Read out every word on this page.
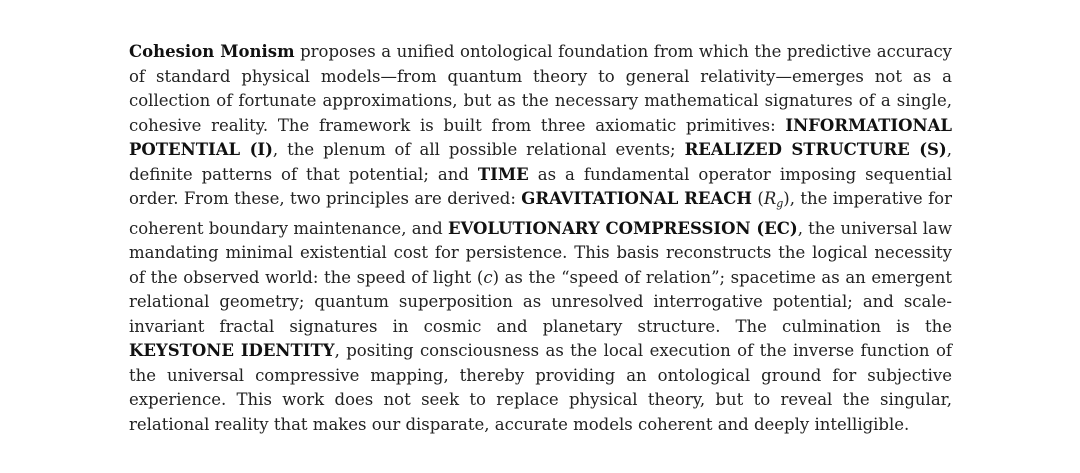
Cohesion Monism proposes a unified ontological foundation from which the predictive accuracy of standard physical models—from quantum theory to general relativity—emerges not as a collection of fortunate approximations, but as the necessary mathematical signatures of a single, cohesive reality. The framework is built from three axiomatic primitives: INFORMATIONAL POTENTIAL (I), the plenum of all possible relational events; REALIZED STRUCTURE (S), definite patterns of that potential; and TIME as a fundamental operator imposing sequential order. From these, two principles are derived: GRAVITATIONAL REACH $(R_g)$, the imperative for coherent boundary maintenance, and EVOLUTIONARY COMPRESSION (EC), the universal law mandating minimal existential cost for persistence. This basis reconstructs the logical necessity of the observed world: the speed of light (c) as the “speed of relation”; spacetime as an emergent relational geometry; quantum superposition as unresolved interrogative potential; and scale-invariant fractal signatures in cosmic and planetary structure. The culmination is the KEYSTONE IDENTITY, positing consciousness as the local execution of the inverse function of the universal compressive mapping, thereby providing an ontological ground for subjective experience. This work does not seek to replace physical theory, but to reveal the singular, relational reality that makes our disparate, accurate models coherent and deeply intelligible.
